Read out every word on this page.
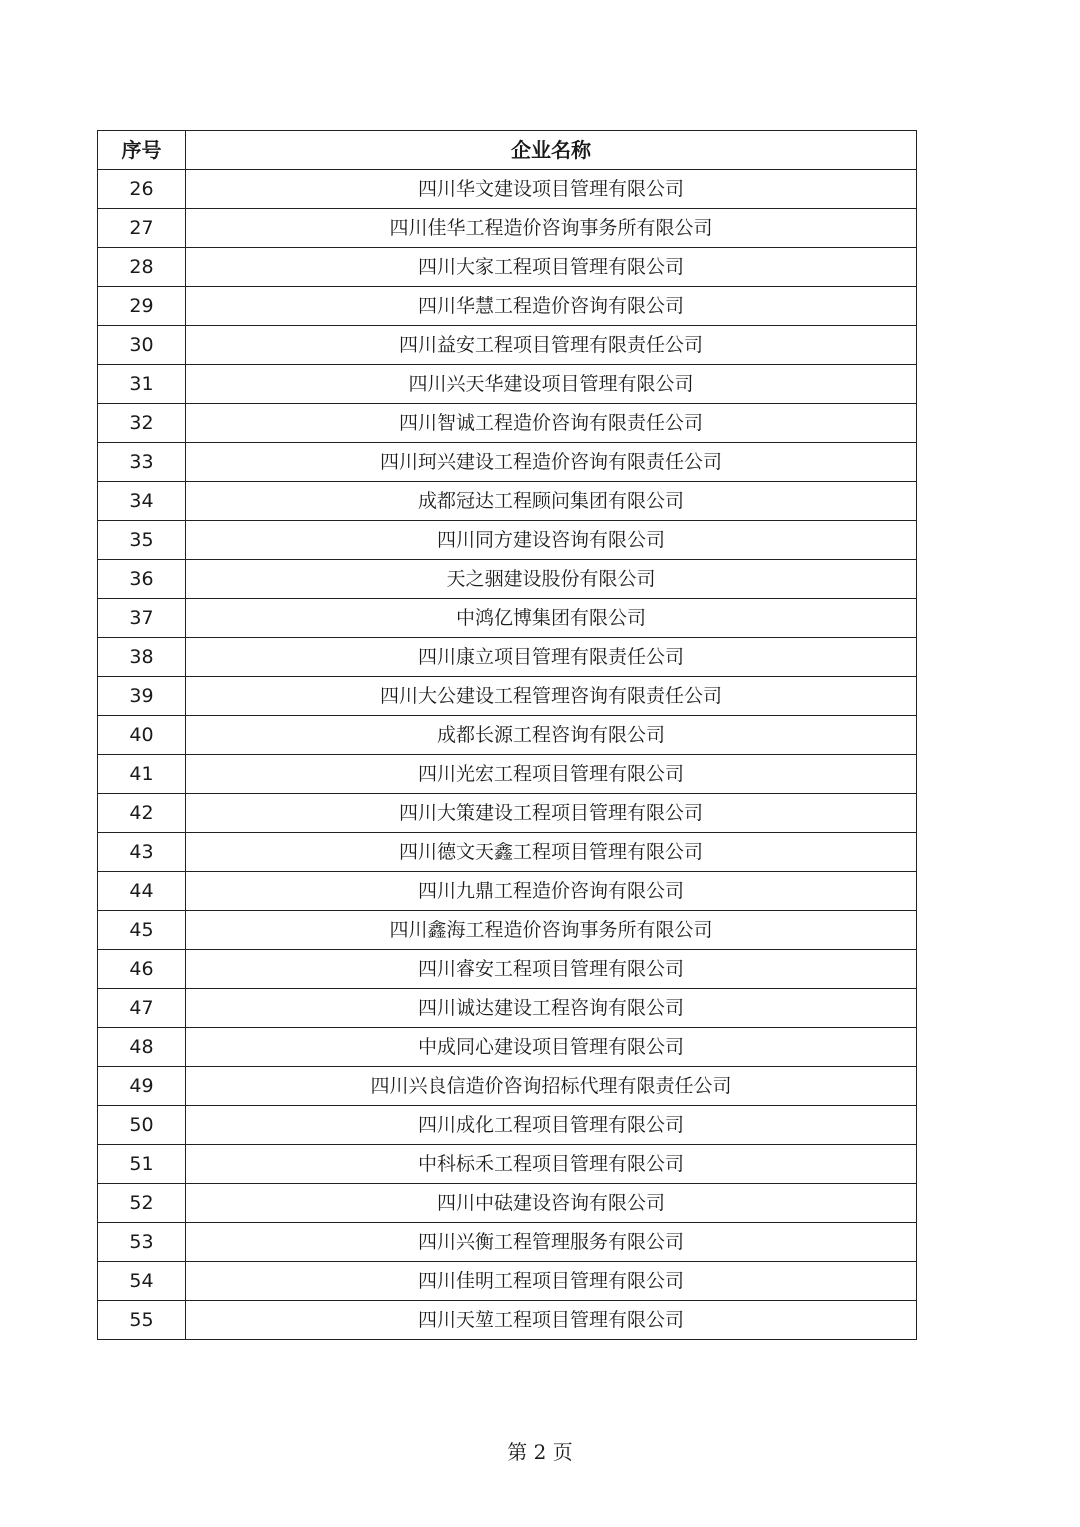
序号	企业名称
26	四川华文建设项目管理有限公司
27	四川佳华工程造价咨询事务所有限公司
28	四川大家工程项目管理有限公司
29	四川华慧工程造价咨询有限公司
30	四川益安工程项目管理有限责任公司
31	四川兴天华建设项目管理有限公司
32	四川智诚工程造价咨询有限责任公司
33	四川珂兴建设工程造价咨询有限责任公司
34	成都冠达工程顾问集团有限公司
35	四川同方建设咨询有限公司
36	天之骃建设股份有限公司
37	中鸿亿博集团有限公司
38	四川康立项目管理有限责任公司
39	四川大公建设工程管理咨询有限责任公司
40	成都长源工程咨询有限公司
41	四川光宏工程项目管理有限公司
42	四川大策建设工程项目管理有限公司
43	四川德文天鑫工程项目管理有限公司
44	四川九鼎工程造价咨询有限公司
45	四川鑫海工程造价咨询事务所有限公司
46	四川睿安工程项目管理有限公司
47	四川诚达建设工程咨询有限公司
48	中成同心建设项目管理有限公司
49	四川兴良信造价咨询招标代理有限责任公司
50	四川成化工程项目管理有限公司
51	中科标禾工程项目管理有限公司
52	四川中砝建设咨询有限公司
53	四川兴衡工程管理服务有限公司
54	四川佳明工程项目管理有限公司
55	四川天堃工程项目管理有限公司
第 2 页
